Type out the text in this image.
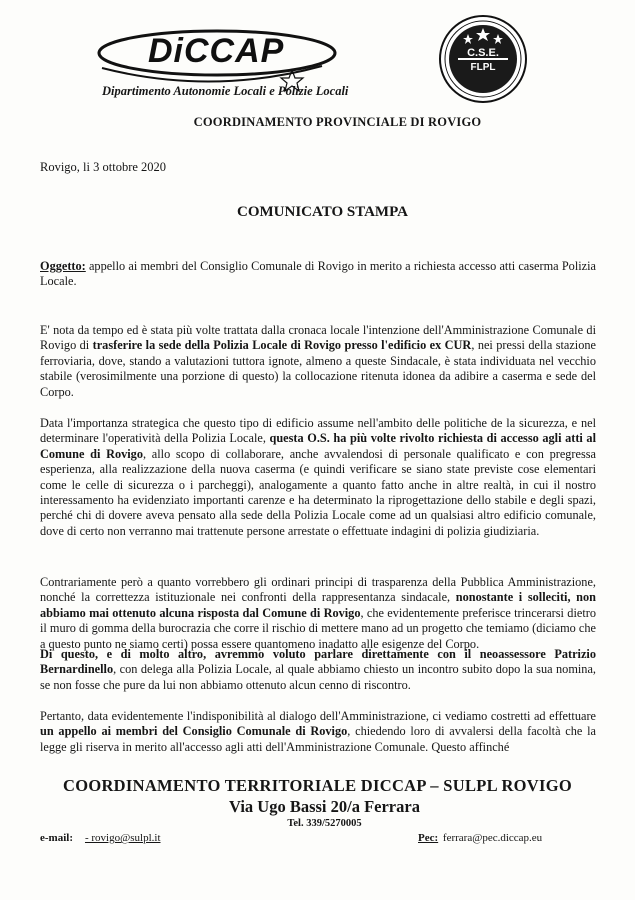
DiCCAP
Dipartimento Autonomie Locali e Polizie Locali
C.S.E.
FLPL
COORDINAMENTO PROVINCIALE DI ROVIGO
Rovigo, li 3 ottobre 2020
COMUNICATO STAMPA
Oggetto: appello ai membri del Consiglio Comunale di Rovigo in merito a richiesta accesso atti caserma Polizia Locale.
E' nota da tempo ed è stata più volte trattata dalla cronaca locale l'intenzione dell'Amministrazione Comunale di Rovigo di trasferire la sede della Polizia Locale di Rovigo presso l'edificio ex CUR, nei pressi della stazione ferroviaria, dove, stando a valutazioni tuttora ignote, almeno a queste Sindacale, è stata individuata nel vecchio stabile (verosimilmente una porzione di questo) la collocazione ritenuta idonea da adibire a caserma e sede del Corpo.
Data l'importanza strategica che questo tipo di edificio assume nell'ambito delle politiche de la sicurezza, e nel determinare l'operatività della Polizia Locale, questa O.S. ha più volte rivolto richiesta di accesso agli atti al Comune di Rovigo, allo scopo di collaborare, anche avvalendosi di personale qualificato e con pregressa esperienza, alla realizzazione della nuova caserma (e quindi verificare se siano state previste cose elementari come le celle di sicurezza o i parcheggi), analogamente a quanto fatto anche in altre realtà, in cui il nostro interessamento ha evidenziato importanti carenze e ha determinato la riprogettazione dello stabile e degli spazi, perché chi di dovere aveva pensato alla sede della Polizia Locale come ad un qualsiasi altro edificio comunale, dove di certo non verranno mai trattenute persone arrestate o effettuate indagini di polizia giudiziaria.
Contrariamente però a quanto vorrebbero gli ordinari principi di trasparenza della Pubblica Amministrazione, nonché la correttezza istituzionale nei confronti della rappresentanza sindacale, nonostante i solleciti, non abbiamo mai ottenuto alcuna risposta dal Comune di Rovigo, che evidentemente preferisce trincerarsi dietro il muro di gomma della burocrazia che corre il rischio di mettere mano ad un progetto che temiamo (diciamo che a questo punto ne siamo certi) possa essere quantomeno inadatto alle esigenze del Corpo.
Di questo, e di molto altro, avremmo voluto parlare direttamente con il neoassessore Patrizio Bernardinello, con delega alla Polizia Locale, al quale abbiamo chiesto un incontro subito dopo la sua nomina, se non fosse che pure da lui non abbiamo ottenuto alcun cenno di riscontro.
Pertanto, data evidentemente l'indisponibilità al dialogo dell'Amministrazione, ci vediamo costretti ad effettuare un appello ai membri del Consiglio Comunale di Rovigo, chiedendo loro di avvalersi della facoltà che la legge gli riserva in merito all'accesso agli atti dell'Amministrazione Comunale. Questo affinché
COORDINAMENTO TERRITORIALE DICCAP – SULPL ROVIGO
Via Ugo Bassi 20/a Ferrara
Tel. 339/5270005
e-mail: - rovigo@sulpl.it	Pec: ferrara@pec.diccap.eu
